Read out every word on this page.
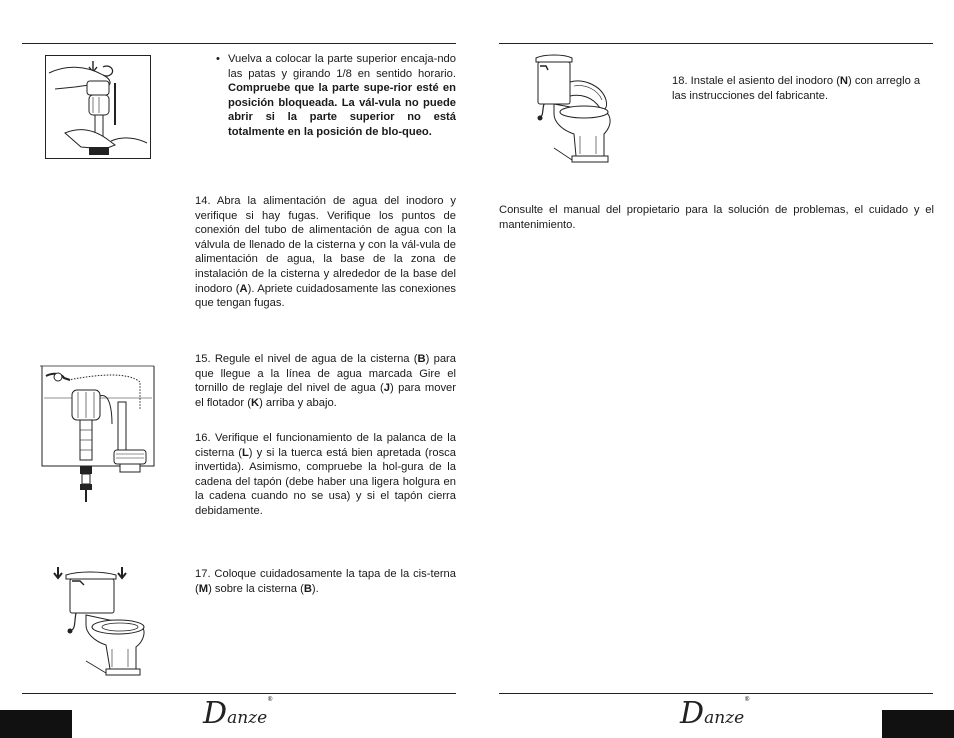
• Vuelva a colocar la parte superior encaja-ndo las patas y girando 1/8 en sentido horario. Compruebe que la parte supe-rior esté en posición bloqueada. La vál-vula no puede abrir si la parte superior no está totalmente en la posición de blo-queo.
14. Abra la alimentación de agua del inodoro y verifique si hay fugas. Verifique los puntos de conexión del tubo de alimentación de agua con la válvula de llenado de la cisterna y con la vál-vula de alimentación de agua, la base de la zona de instalación de la cisterna y alrededor de la base del inodoro (A). Apriete cuidadosamente las conexiones que tengan fugas.
15. Regule el nivel de agua de la cisterna (B) para que llegue a la línea de agua marcada Gire el tornillo de reglaje del nivel de agua (J) para mover el flotador (K) arriba y abajo.
16. Verifique el funcionamiento de la palanca de la cisterna (L) y si la tuerca está bien apretada (rosca invertida). Asimismo, compruebe la hol-gura de la cadena del tapón (debe haber una ligera holgura en la cadena cuando no se usa) y si el tapón cierra debidamente.
17. Coloque cuidadosamente la tapa de la cis-terna (M) sobre la cisterna (B).
Danze®
18. Instale el asiento del inodoro (N) con arreglo a las instrucciones del fabricante.
Consulte el manual del propietario para la solución de problemas, el cuidado y el mantenimiento.
Danze®
